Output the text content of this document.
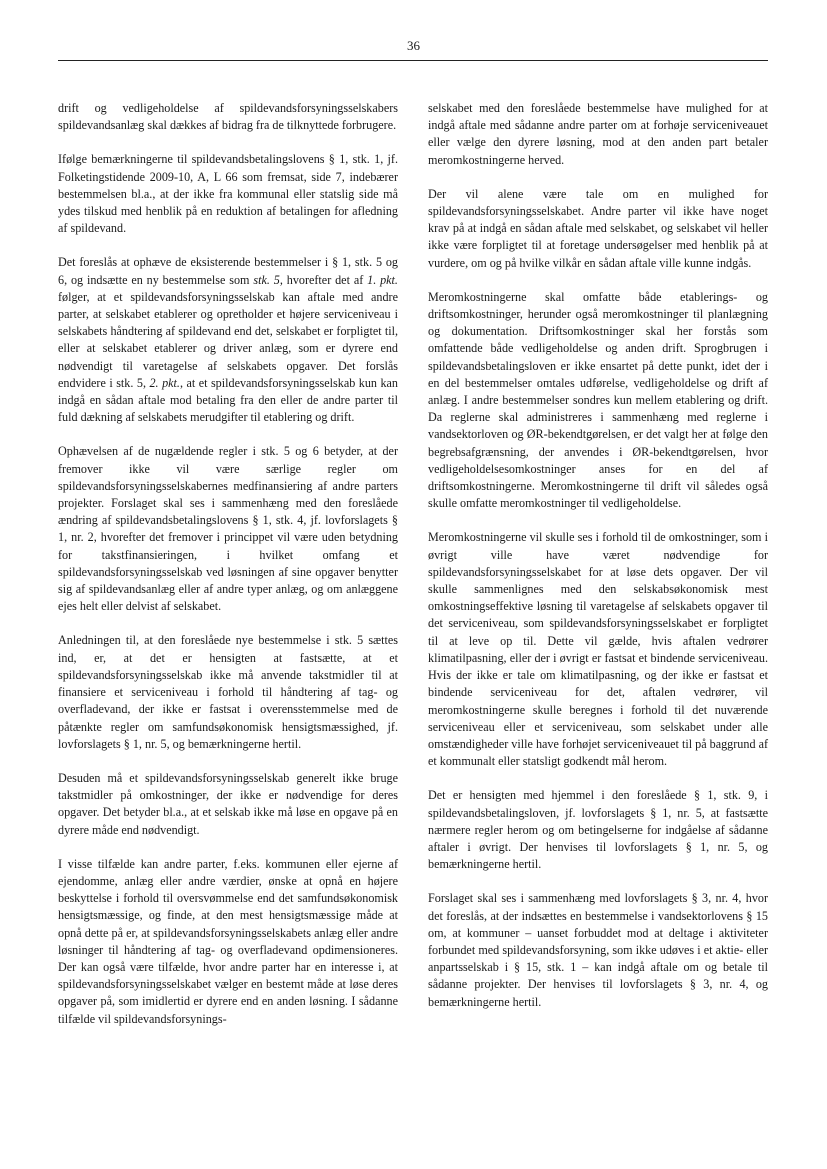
36

drift og vedligeholdelse af spildevandsforsyningsselskabers spildevandsanlæg skal dækkes af bidrag fra de tilknyttede forbrugere.

Ifølge bemærkningerne til spildevandsbetalingslovens § 1, stk. 1, jf. Folketingstidende 2009-10, A, L 66 som fremsat, side 7, indebærer bestemmelsen bl.a., at der ikke fra kommunal eller statslig side må ydes tilskud med henblik på en reduktion af betalingen for afledning af spildevand.

Det foreslås at ophæve de eksisterende bestemmelser i § 1, stk. 5 og 6, og indsætte en ny bestemmelse som stk. 5, hvorefter det af 1. pkt. følger, at et spildevandsforsyningsselskab kan aftale med andre parter, at selskabet etablerer og opretholder et højere serviceniveau i selskabets håndtering af spildevand end det, selskabet er forpligtet til, eller at selskabet etablerer og driver anlæg, som er dyrere end nødvendigt til varetagelse af selskabets opgaver. Det forslås endvidere i stk. 5, 2. pkt., at et spildevandsforsyningsselskab kun kan indgå en sådan aftale mod betaling fra den eller de andre parter til fuld dækning af selskabets merudgifter til etablering og drift.

Ophævelsen af de nugældende regler i stk. 5 og 6 betyder, at der fremover ikke vil være særlige regler om spildevandsforsyningsselskabernes medfinansiering af andre parters projekter. Forslaget skal ses i sammenhæng med den foreslåede ændring af spildevandsbetalingslovens § 1, stk. 4, jf. lovforslagets § 1, nr. 2, hvorefter det fremover i princippet vil være uden betydning for takstfinansieringen, i hvilket omfang et spildevandsforsyningsselskab ved løsningen af sine opgaver benytter sig af spildevandsanlæg eller af andre typer anlæg, og om anlæggene ejes helt eller delvist af selskabet.

Anledningen til, at den foreslåede nye bestemmelse i stk. 5 sættes ind, er, at det er hensigten at fastsætte, at et spildevandsforsyningsselskab ikke må anvende takstmidler til at finansiere et serviceniveau i forhold til håndtering af tag- og overfladevand, der ikke er fastsat i overensstemmelse med de påtænkte regler om samfundsøkonomisk hensigtsmæssighed, jf. lovforslagets § 1, nr. 5, og bemærkningerne hertil.

Desuden må et spildevandsforsyningsselskab generelt ikke bruge takstmidler på omkostninger, der ikke er nødvendige for deres opgaver. Det betyder bl.a., at et selskab ikke må løse en opgave på en dyrere måde end nødvendigt.

I visse tilfælde kan andre parter, f.eks. kommunen eller ejerne af ejendomme, anlæg eller andre værdier, ønske at opnå en højere beskyttelse i forhold til oversvømmelse end det samfundsøkonomisk hensigtsmæssige, og finde, at den mest hensigtsmæssige måde at opnå dette på er, at spildevandsforsyningsselskabets anlæg eller andre løsninger til håndtering af tag- og overfladevand opdimensioneres. Der kan også være tilfælde, hvor andre parter har en interesse i, at spildevandsforsyningsselskabet vælger en bestemt måde at løse deres opgaver på, som imidlertid er dyrere end en anden løsning. I sådanne tilfælde vil spildevandsforsynings-

selskabet med den foreslåede bestemmelse have mulighed for at indgå aftale med sådanne andre parter om at forhøje serviceniveauet eller vælge den dyrere løsning, mod at den anden part betaler meromkostningerne herved.

Der vil alene være tale om en mulighed for spildevandsforsyningsselskabet. Andre parter vil ikke have noget krav på at indgå en sådan aftale med selskabet, og selskabet vil heller ikke være forpligtet til at foretage undersøgelser med henblik på at vurdere, om og på hvilke vilkår en sådan aftale ville kunne indgås.

Meromkostningerne skal omfatte både etablerings- og driftsomkostninger, herunder også meromkostninger til planlægning og dokumentation. Driftsomkostninger skal her forstås som omfattende både vedligeholdelse og anden drift. Sprogbrugen i spildevandsbetalingsloven er ikke ensartet på dette punkt, idet der i en del bestemmelser omtales udførelse, vedligeholdelse og drift af anlæg. I andre bestemmelser sondres kun mellem etablering og drift. Da reglerne skal administreres i sammenhæng med reglerne i vandsektorloven og ØR-bekendtgørelsen, er det valgt her at følge den begrebsafgrænsning, der anvendes i ØR-bekendtgørelsen, hvor vedligeholdelsesomkostninger anses for en del af driftsomkostningerne. Meromkostningerne til drift vil således også skulle omfatte meromkostninger til vedligeholdelse.

Meromkostningerne vil skulle ses i forhold til de omkostninger, som i øvrigt ville have været nødvendige for spildevandsforsyningsselskabet for at løse dets opgaver. Der vil skulle sammenlignes med den selskabsøkonomisk mest omkostningseffektive løsning til varetagelse af selskabets opgaver til det serviceniveau, som spildevandsforsyningsselskabet er forpligtet til at leve op til. Dette vil gælde, hvis aftalen vedrører klimatilpasning, eller der i øvrigt er fastsat et bindende serviceniveau. Hvis der ikke er tale om klimatilpasning, og der ikke er fastsat et bindende serviceniveau for det, aftalen vedrører, vil meromkostningerne skulle beregnes i forhold til det nuværende serviceniveau eller et serviceniveau, som selskabet under alle omstændigheder ville have forhøjet serviceniveauet til på baggrund af et kommunalt eller statsligt godkendt mål herom.

Det er hensigten med hjemmel i den foreslåede § 1, stk. 9, i spildevandsbetalingsloven, jf. lovforslagets § 1, nr. 5, at fastsætte nærmere regler herom og om betingelserne for indgåelse af sådanne aftaler i øvrigt. Der henvises til lovforslagets § 1, nr. 5, og bemærkningerne hertil.

Forslaget skal ses i sammenhæng med lovforslagets § 3, nr. 4, hvor det foreslås, at der indsættes en bestemmelse i vandsektorlovens § 15 om, at kommuner – uanset forbuddet mod at deltage i aktiviteter forbundet med spildevandsforsyning, som ikke udøves i et aktie- eller anpartsselskab i § 15, stk. 1 – kan indgå aftale om og betale til sådanne projekter. Der henvises til lovforslagets § 3, nr. 4, og bemærkningerne hertil.
